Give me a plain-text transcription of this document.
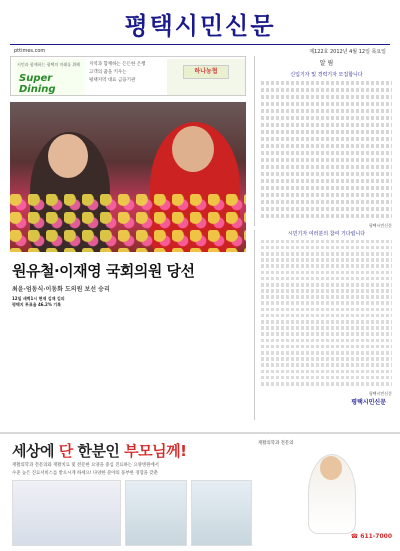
평택시민신문
pttimes.com	제122호 2012년 4월 12일 목요일
시민과 함께하는 평택의 미래를 위해
Super Dining
지역과 함께하는 든든한 은행
고객의 꿈을 키우는
평택지역 대표 금융기관
하나농협
원유철·이재영 국회의원 당선
최윤·엄동식·이동화 도의원 보선 승리
12일 새벽1시 현재 김재 김의
평택지 투표율 46.2% 기록
알 림
신입기자 및 경력기자 모집합니다
평택시민신문
시민기자 여러분의 참여 기다립니다
평택시민신문
평택시민신문
세상에 단 한분인 부모님께!
재활의학과 전문의와 재활치료 및 전문한 요양을 중심 진료하는 요양병원에서
수준 높은 진료서비스를 받으시게 하세요! 다양한 분야의 풍부한 경험을 갖춘
재활의학과 전문의
☎ 611-7000
